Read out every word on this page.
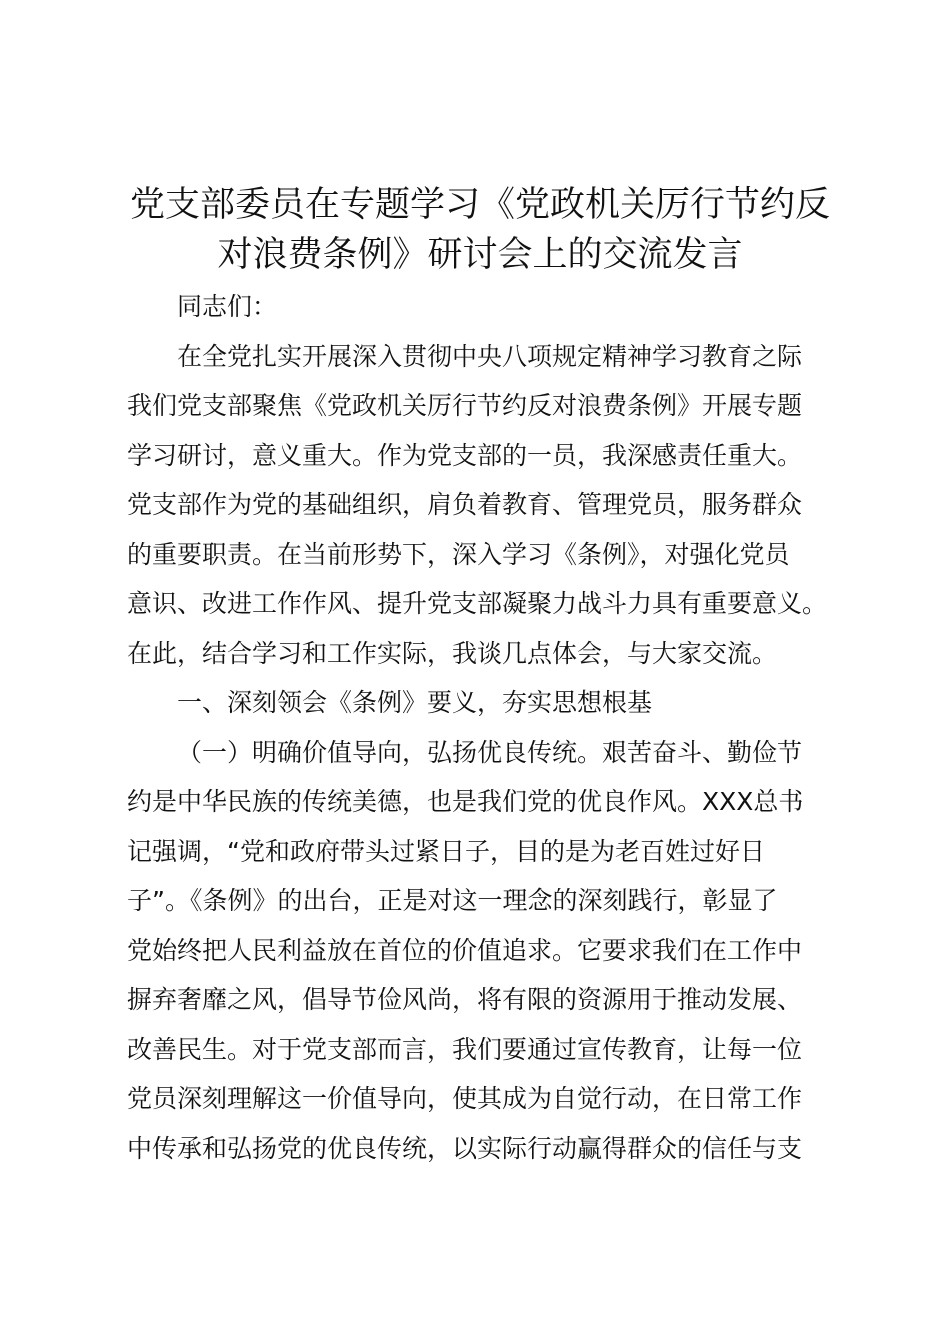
党支部委员在专题学习《党政机关厉行节约反
对浪费条例》研讨会上的交流发言
同志们：
在全党扎实开展深入贯彻中央八项规定精神学习教育之际
我们党支部聚焦《党政机关厉行节约反对浪费条例》开展专题
学习研讨，意义重大。作为党支部的一员，我深感责任重大。
党支部作为党的基础组织，肩负着教育、管理党员，服务群众
的重要职责。在当前形势下，深入学习《条例》，对强化党员
意识、改进工作作风、提升党支部凝聚力战斗力具有重要意义。
在此，结合学习和工作实际，我谈几点体会，与大家交流。
一、深刻领会《条例》要义，夯实思想根基
（一）明确价值导向，弘扬优良传统。艰苦奋斗、勤俭节
约是中华民族的传统美德，也是我们党的优良作风。XXX总书
记强调，“党和政府带头过紧日子，目的是为老百姓过好日
子”。《条例》的出台，正是对这一理念的深刻践行，彰显了
党始终把人民利益放在首位的价值追求。它要求我们在工作中
摒弃奢靡之风，倡导节俭风尚，将有限的资源用于推动发展、
改善民生。对于党支部而言，我们要通过宣传教育，让每一位
党员深刻理解这一价值导向，使其成为自觉行动，在日常工作
中传承和弘扬党的优良传统，以实际行动赢得群众的信任与支
